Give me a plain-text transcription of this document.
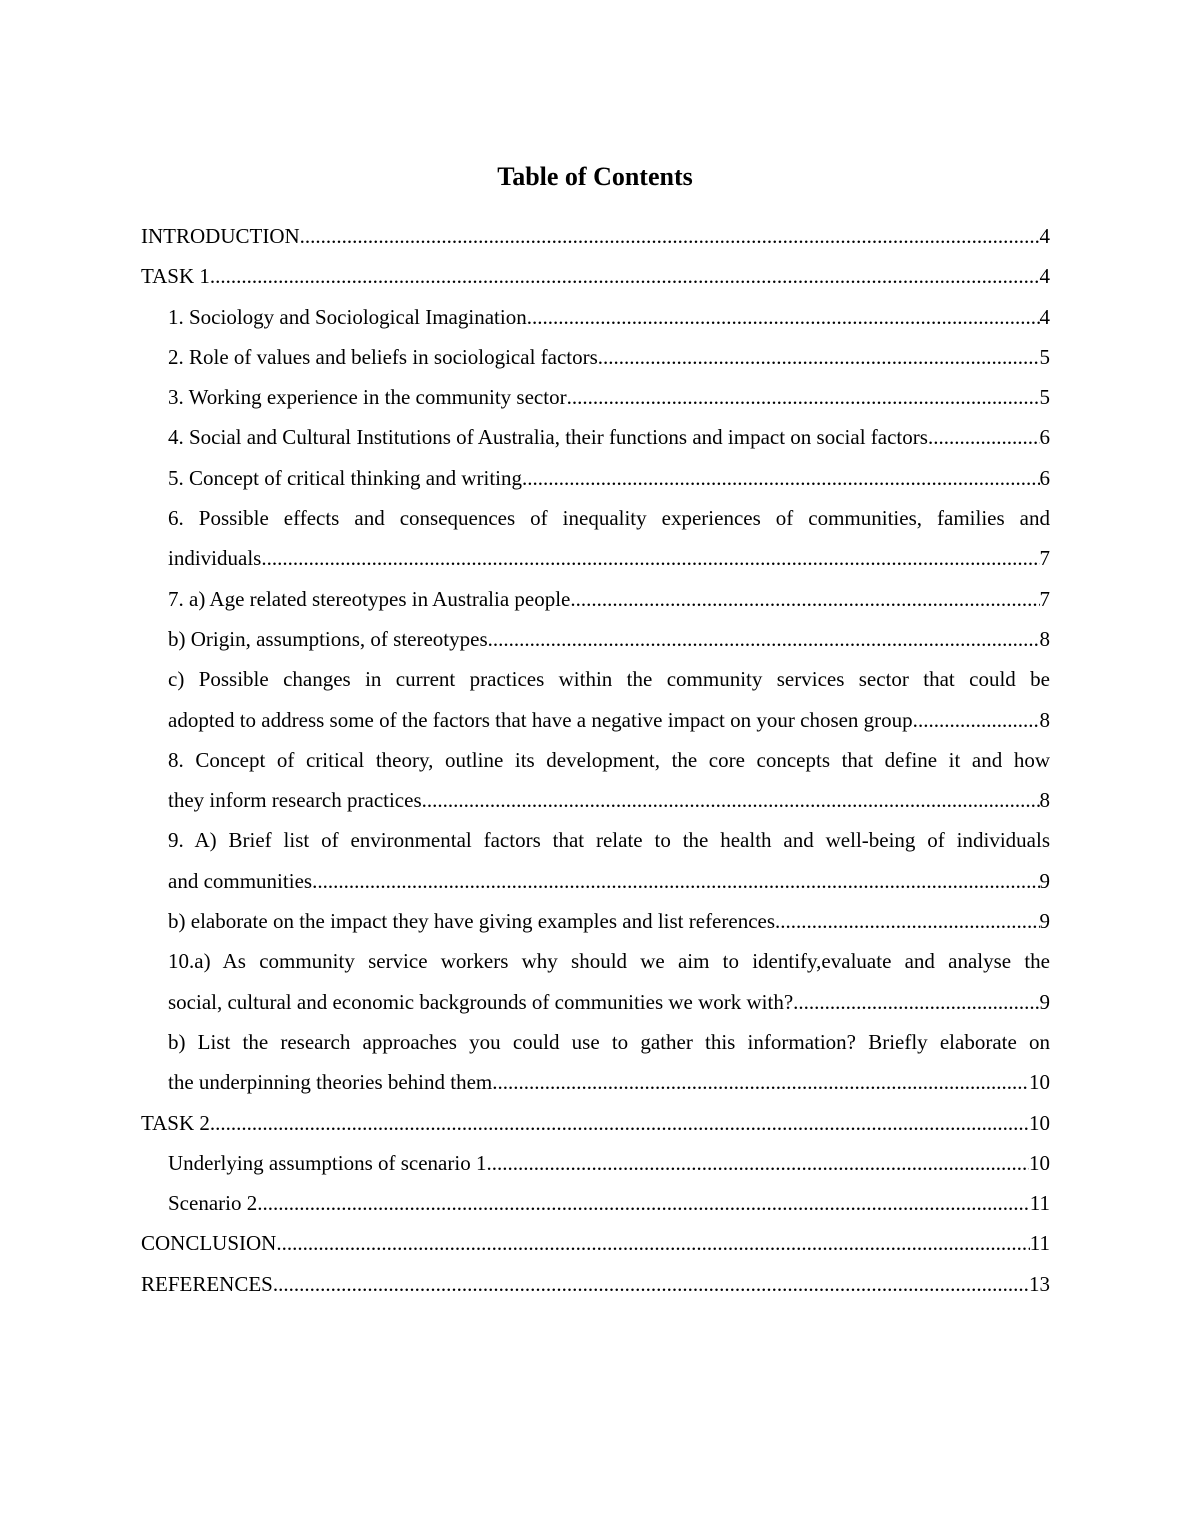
Table of Contents
INTRODUCTION .....	4
TASK 1 .....	4
1. Sociology and Sociological Imagination .....	4
2. Role of values and beliefs in sociological factors .....	5
3. Working experience in the community sector .....	5
4. Social and Cultural Institutions of Australia, their functions and impact on social factors .....	6
5. Concept of critical thinking and writing .....	6
6. Possible effects and consequences of inequality experiences of communities, families and
individuals .....	7
7. a) Age related stereotypes in Australia people .....	7
b) Origin, assumptions, of stereotypes. .....	8
c) Possible changes in current practices within the community services sector that could be
adopted to address some of the factors that have a negative impact on your chosen group. .....	8
8. Concept of critical theory, outline its development, the core concepts that define it and how
they inform research practices .....	8
9. A) Brief list of environmental factors that relate to the health and well-being of individuals
and communities .....	9
b) elaborate on the impact they have giving examples and list references .....	9
10.a) As community service workers why should we aim to identify,evaluate and analyse the
social, cultural and economic backgrounds of communities we work with? .....	9
b) List the research approaches you could use to gather this information? Briefly elaborate on
the underpinning theories behind them .....	10
TASK 2 .....	10
Underlying assumptions of scenario 1 .....	10
Scenario 2 .....	11
CONCLUSION .....	11
REFERENCES .....	13
